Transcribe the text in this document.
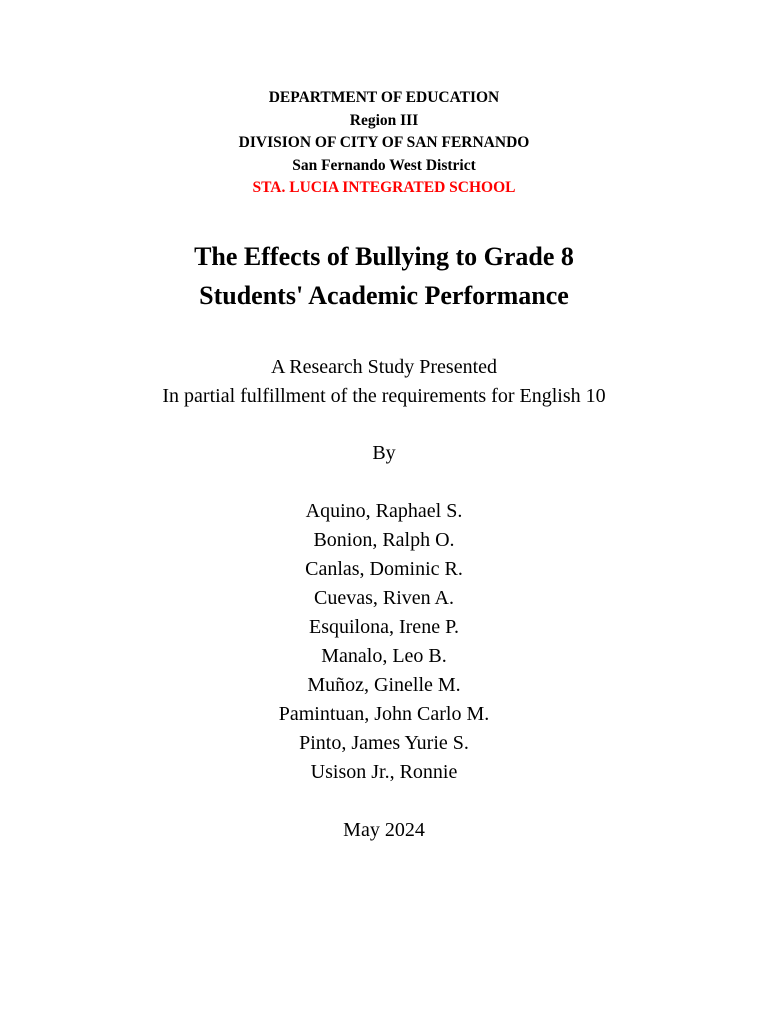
DEPARTMENT OF EDUCATION
Region III
DIVISION OF CITY OF SAN FERNANDO
San Fernando West District
STA. LUCIA INTEGRATED SCHOOL
The Effects of Bullying to Grade 8
Students' Academic Performance
A Research Study Presented
In partial fulfillment of the requirements for English 10
By
Aquino, Raphael S.
Bonion, Ralph O.
Canlas, Dominic R.
Cuevas, Riven A.
Esquilona, Irene P.
Manalo, Leo B.
Muñoz, Ginelle M.
Pamintuan, John Carlo M.
Pinto, James Yurie S.
Usison Jr., Ronnie
May 2024
